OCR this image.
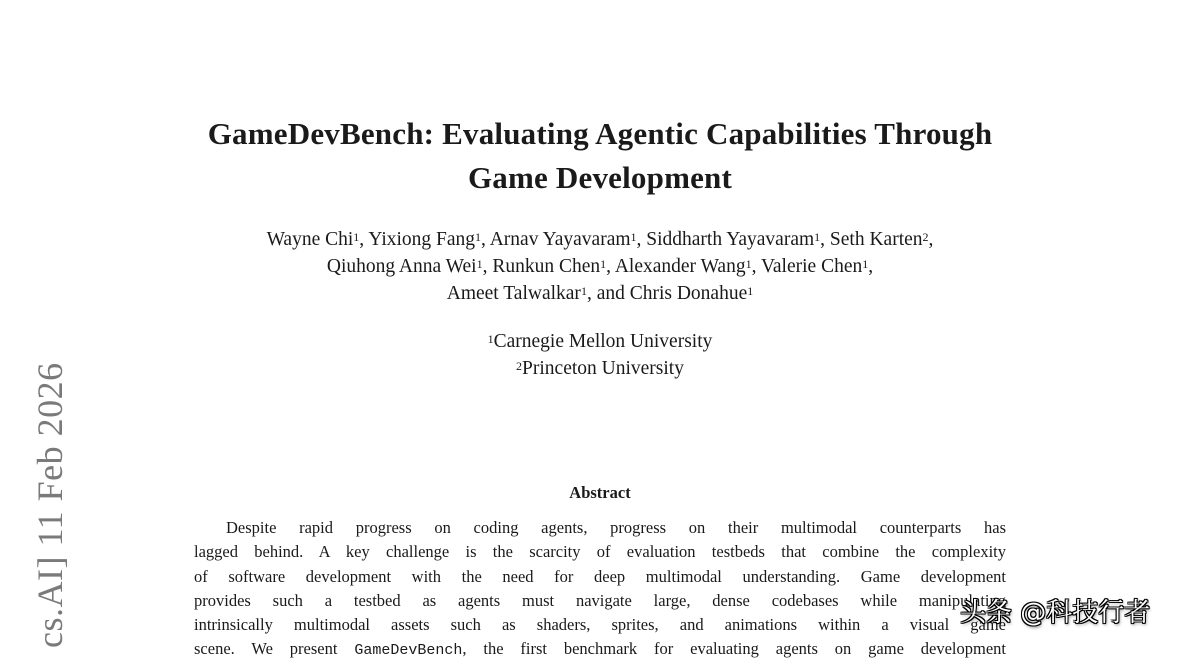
GameDevBench: Evaluating Agentic Capabilities Through
Game Development
Wayne Chi$^1$, Yixiong Fang$^1$, Arnav Yayavaram$^1$, Siddharth Yayavaram$^1$, Seth Karten$^2$,
Qiuhong Anna Wei$^1$, Runkun Chen$^1$, Alexander Wang$^1$, Valerie Chen$^1$,
Ameet Talwalkar$^1$, and Chris Donahue$^1$
$^1$Carnegie Mellon University
$^2$Princeton University
Abstract
Despite rapid progress on coding agents, progress on their multimodal counterparts has
lagged behind. A key challenge is the scarcity of evaluation testbeds that combine the complexity
of software development with the need for deep multimodal understanding. Game development
provides such a testbed as agents must navigate large, dense codebases while manipulating
intrinsically multimodal assets such as shaders, sprites, and animations within a visual game
scene. We present GameDevBench, the first benchmark for evaluating agents on game development
cs.AI] 11 Feb 2026	头条 @科技行者
